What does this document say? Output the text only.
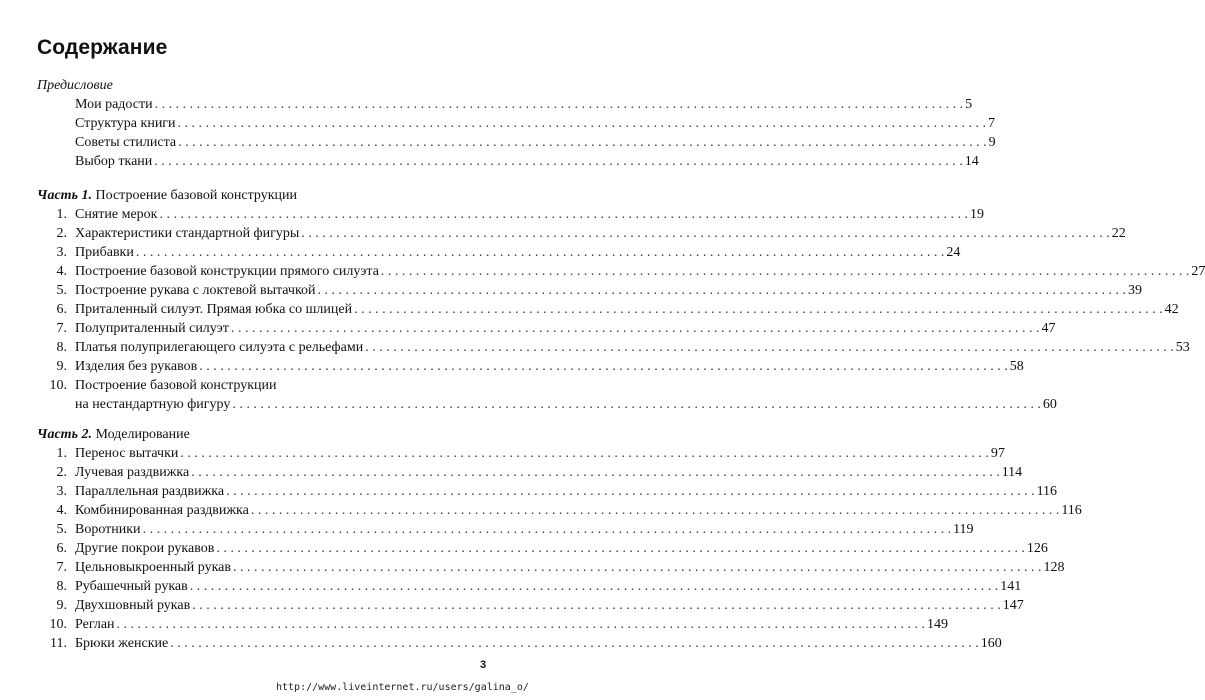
Содержание
Предисловие
Мои радости . . .	5
Структура книги . . .	7
Советы стилиста . . .	9
Выбор ткани . . .	14
Часть 1. Построение базовой конструкции
1. Снятие мерок . . .	19
2. Характеристики стандартной фигуры . . .	22
3. Прибавки . . .	24
4. Построение базовой конструкции прямого силуэта . . .	27
5. Построение рукава с локтевой вытачкой . . .	39
6. Приталенный силуэт. Прямая юбка со шлицей . . .	42
7. Полуприталенный силуэт . . .	47
8. Платья полуприлегающего силуэта с рельефами . . .	53
9. Изделия без рукавов . . .	58
10. Построение базовой конструкции
на нестандартную фигуру . . .	60
Часть 2. Моделирование
1. Перенос вытачки . . .	97
2. Лучевая раздвижка . . .	114
3. Параллельная раздвижка . . .	116
4. Комбинированная раздвижка . . .	116
5. Воротники . . .	119
6. Другие покрои рукавов . . .	126
7. Цельновыкроенный рукав . . .	128
8. Рубашечный рукав . . .	141
9. Двухшовный рукав . . .	147
10. Реглан . . .	149
11. Брюки женские . . .	160
3
http://www.liveinternet.ru/users/galina_o/
